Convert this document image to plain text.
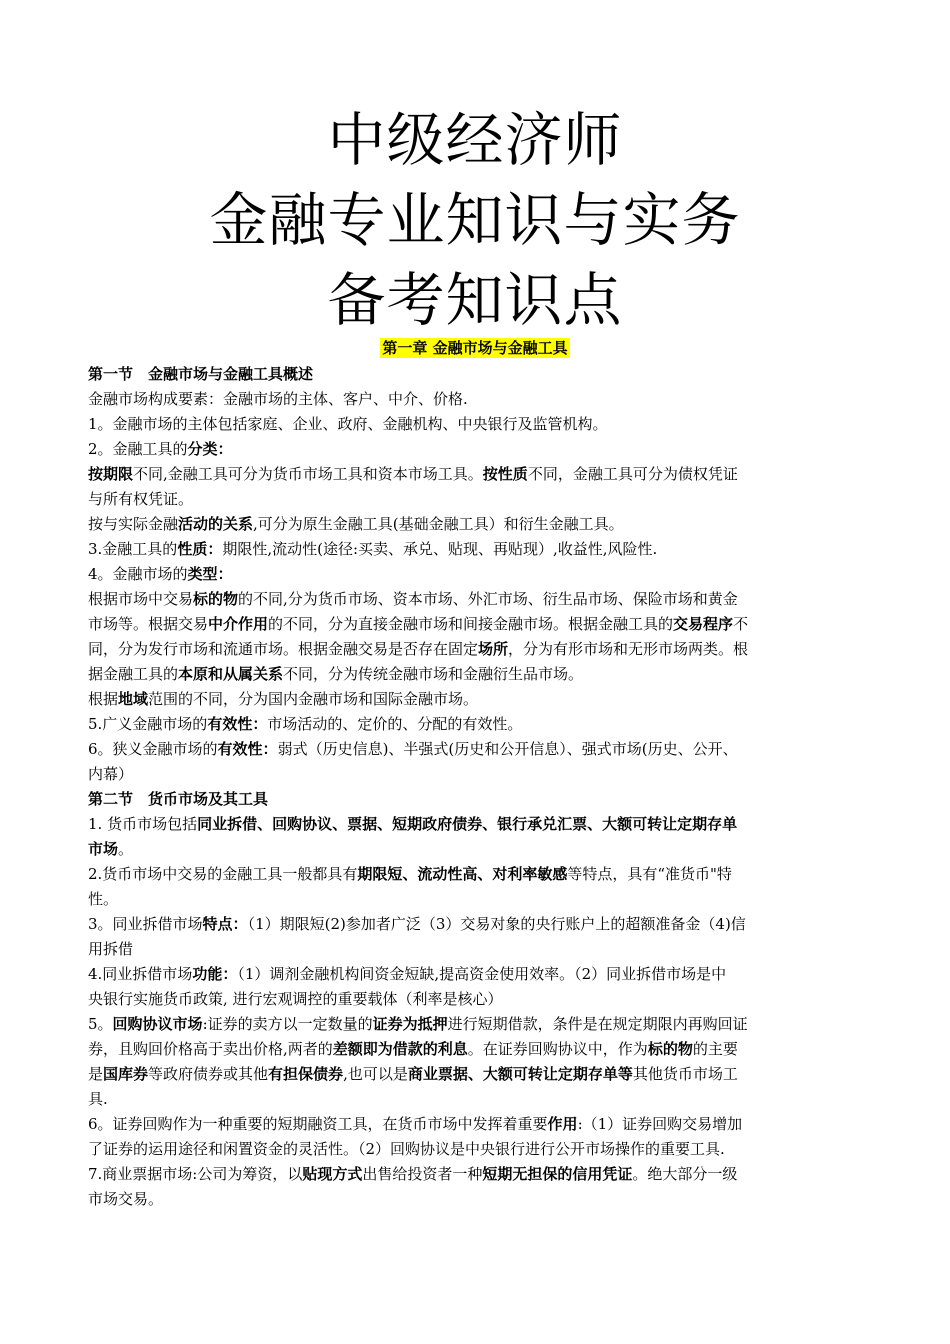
中级经济师
金融专业知识与实务
备考知识点
第一章 金融市场与金融工具

第一节　金融市场与金融工具概述

金融市场构成要素：金融市场的主体、客户、中介、价格.

1。金融市场的主体包括家庭、企业、政府、金融机构、中央银行及监管机构。

2。金融工具的分类：

按期限不同,金融工具可分为货币市场工具和资本市场工具。按性质不同，金融工具可分为债权凭证

与所有权凭证。

按与实际金融活动的关系,可分为原生金融工具(基础金融工具）和衍生金融工具。

3.金融工具的性质：期限性,流动性(途径:买卖、承兑、贴现、再贴现）,收益性,风险性.

4。金融市场的类型：

根据市场中交易标的物的不同,分为货币市场、资本市场、外汇市场、衍生品市场、保险市场和黄金

市场等。根据交易中介作用的不同，分为直接金融市场和间接金融市场。根据金融工具的交易程序不

同，分为发行市场和流通市场。根据金融交易是否存在固定场所，分为有形市场和无形市场两类。根

据金融工具的本原和从属关系不同，分为传统金融市场和金融衍生品市场。

根据地域范围的不同，分为国内金融市场和国际金融市场。

5.广义金融市场的有效性：市场活动的、定价的、分配的有效性。

6。狭义金融市场的有效性：弱式（历史信息)、半强式(历史和公开信息）、强式市场(历史、公开、

内幕）

第二节　货币市场及其工具

1. 货币市场包括同业拆借、回购协议、票据、短期政府债券、银行承兑汇票、大额可转让定期存单

市场。

2.货币市场中交易的金融工具一般都具有期限短、流动性高、对利率敏感等特点，具有“准货币"特

性。

3。同业拆借市场特点：（1）期限短(2)参加者广泛（3）交易对象的央行账户上的超额准备金（4)信

用拆借

4.同业拆借市场功能：（1）调剂金融机构间资金短缺,提高资金使用效率。（2）同业拆借市场是中

央银行实施货币政策, 进行宏观调控的重要载体（利率是核心）

5。回购协议市场:证券的卖方以一定数量的证券为抵押进行短期借款，条件是在规定期限内再购回证

券，且购回价格高于卖出价格,两者的差额即为借款的利息。在证券回购协议中，作为标的物的主要

是国库券等政府债券或其他有担保债券,也可以是商业票据、大额可转让定期存单等其他货币市场工

具.

6。证券回购作为一种重要的短期融资工具，在货币市场中发挥着重要作用:（1）证券回购交易增加

了证券的运用途径和闲置资金的灵活性。（2）回购协议是中央银行进行公开市场操作的重要工具.

7.商业票据市场:公司为筹资，以贴现方式出售给投资者一种短期无担保的信用凭证。绝大部分一级

市场交易。
